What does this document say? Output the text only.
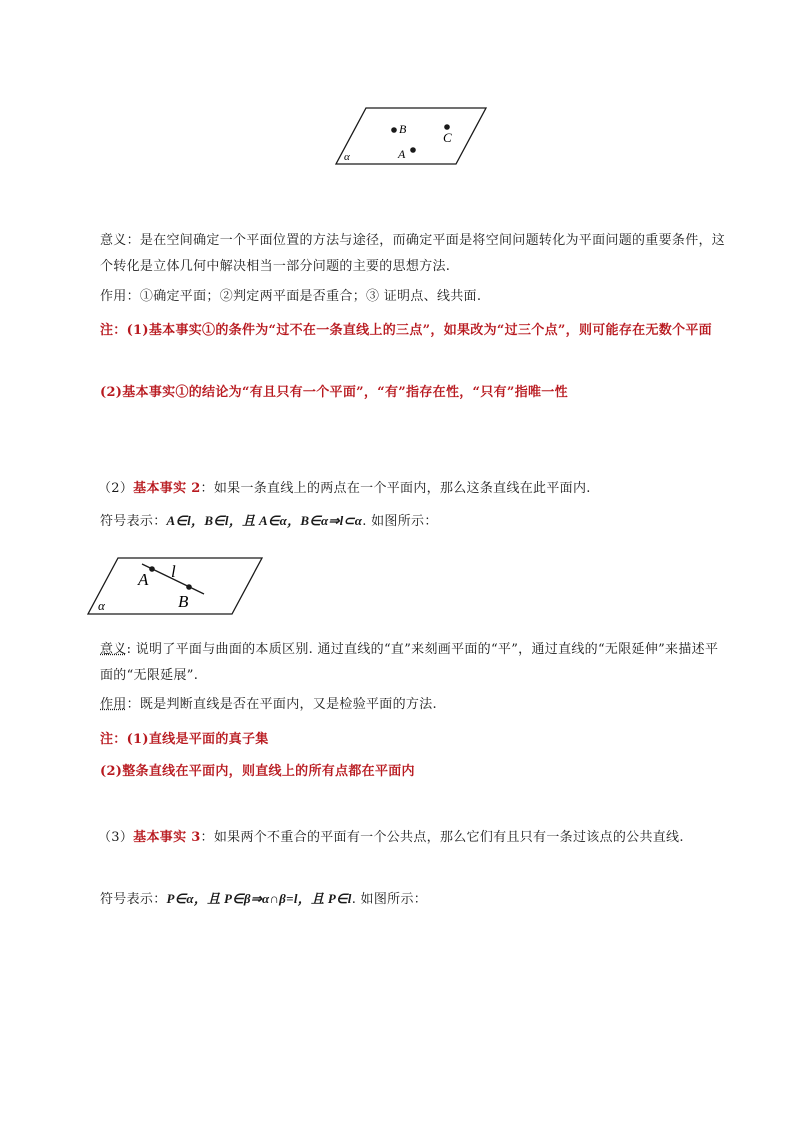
B
C
A
α
意义：是在空间确定一个平面位置的方法与途径，而确定平面是将空间问题转化为平面问题的重要条件，这个转化是立体几何中解决相当一部分问题的主要的思想方法.
作用：①确定平面；②判定两平面是否重合；③ 证明点、线共面.
注：(1)基本事实①的条件为“过不在一条直线上的三点”，如果改为“过三个点”，则可能存在无数个平面
(2)基本事实①的结论为“有且只有一个平面”，“有”指存在性，“只有”指唯一性
（2）基本事实 2：如果一条直线上的两点在一个平面内，那么这条直线在此平面内.
符号表示：A∈l，B∈l，且 A∈α，B∈α⇒l⊂α. 如图所示：
A l
B
α
意义: 说明了平面与曲面的本质区别. 通过直线的“直”来刻画平面的“平”，通过直线的“无限延伸”来描述平面的“无限延展”.
作用：既是判断直线是否在平面内，又是检验平面的方法.
注：(1)直线是平面的真子集
(2)整条直线在平面内，则直线上的所有点都在平面内
（3）基本事实 3：如果两个不重合的平面有一个公共点，那么它们有且只有一条过该点的公共直线.
符号表示：P∈α，且 P∈β⇒α∩β=l，且 P∈l. 如图所示：
